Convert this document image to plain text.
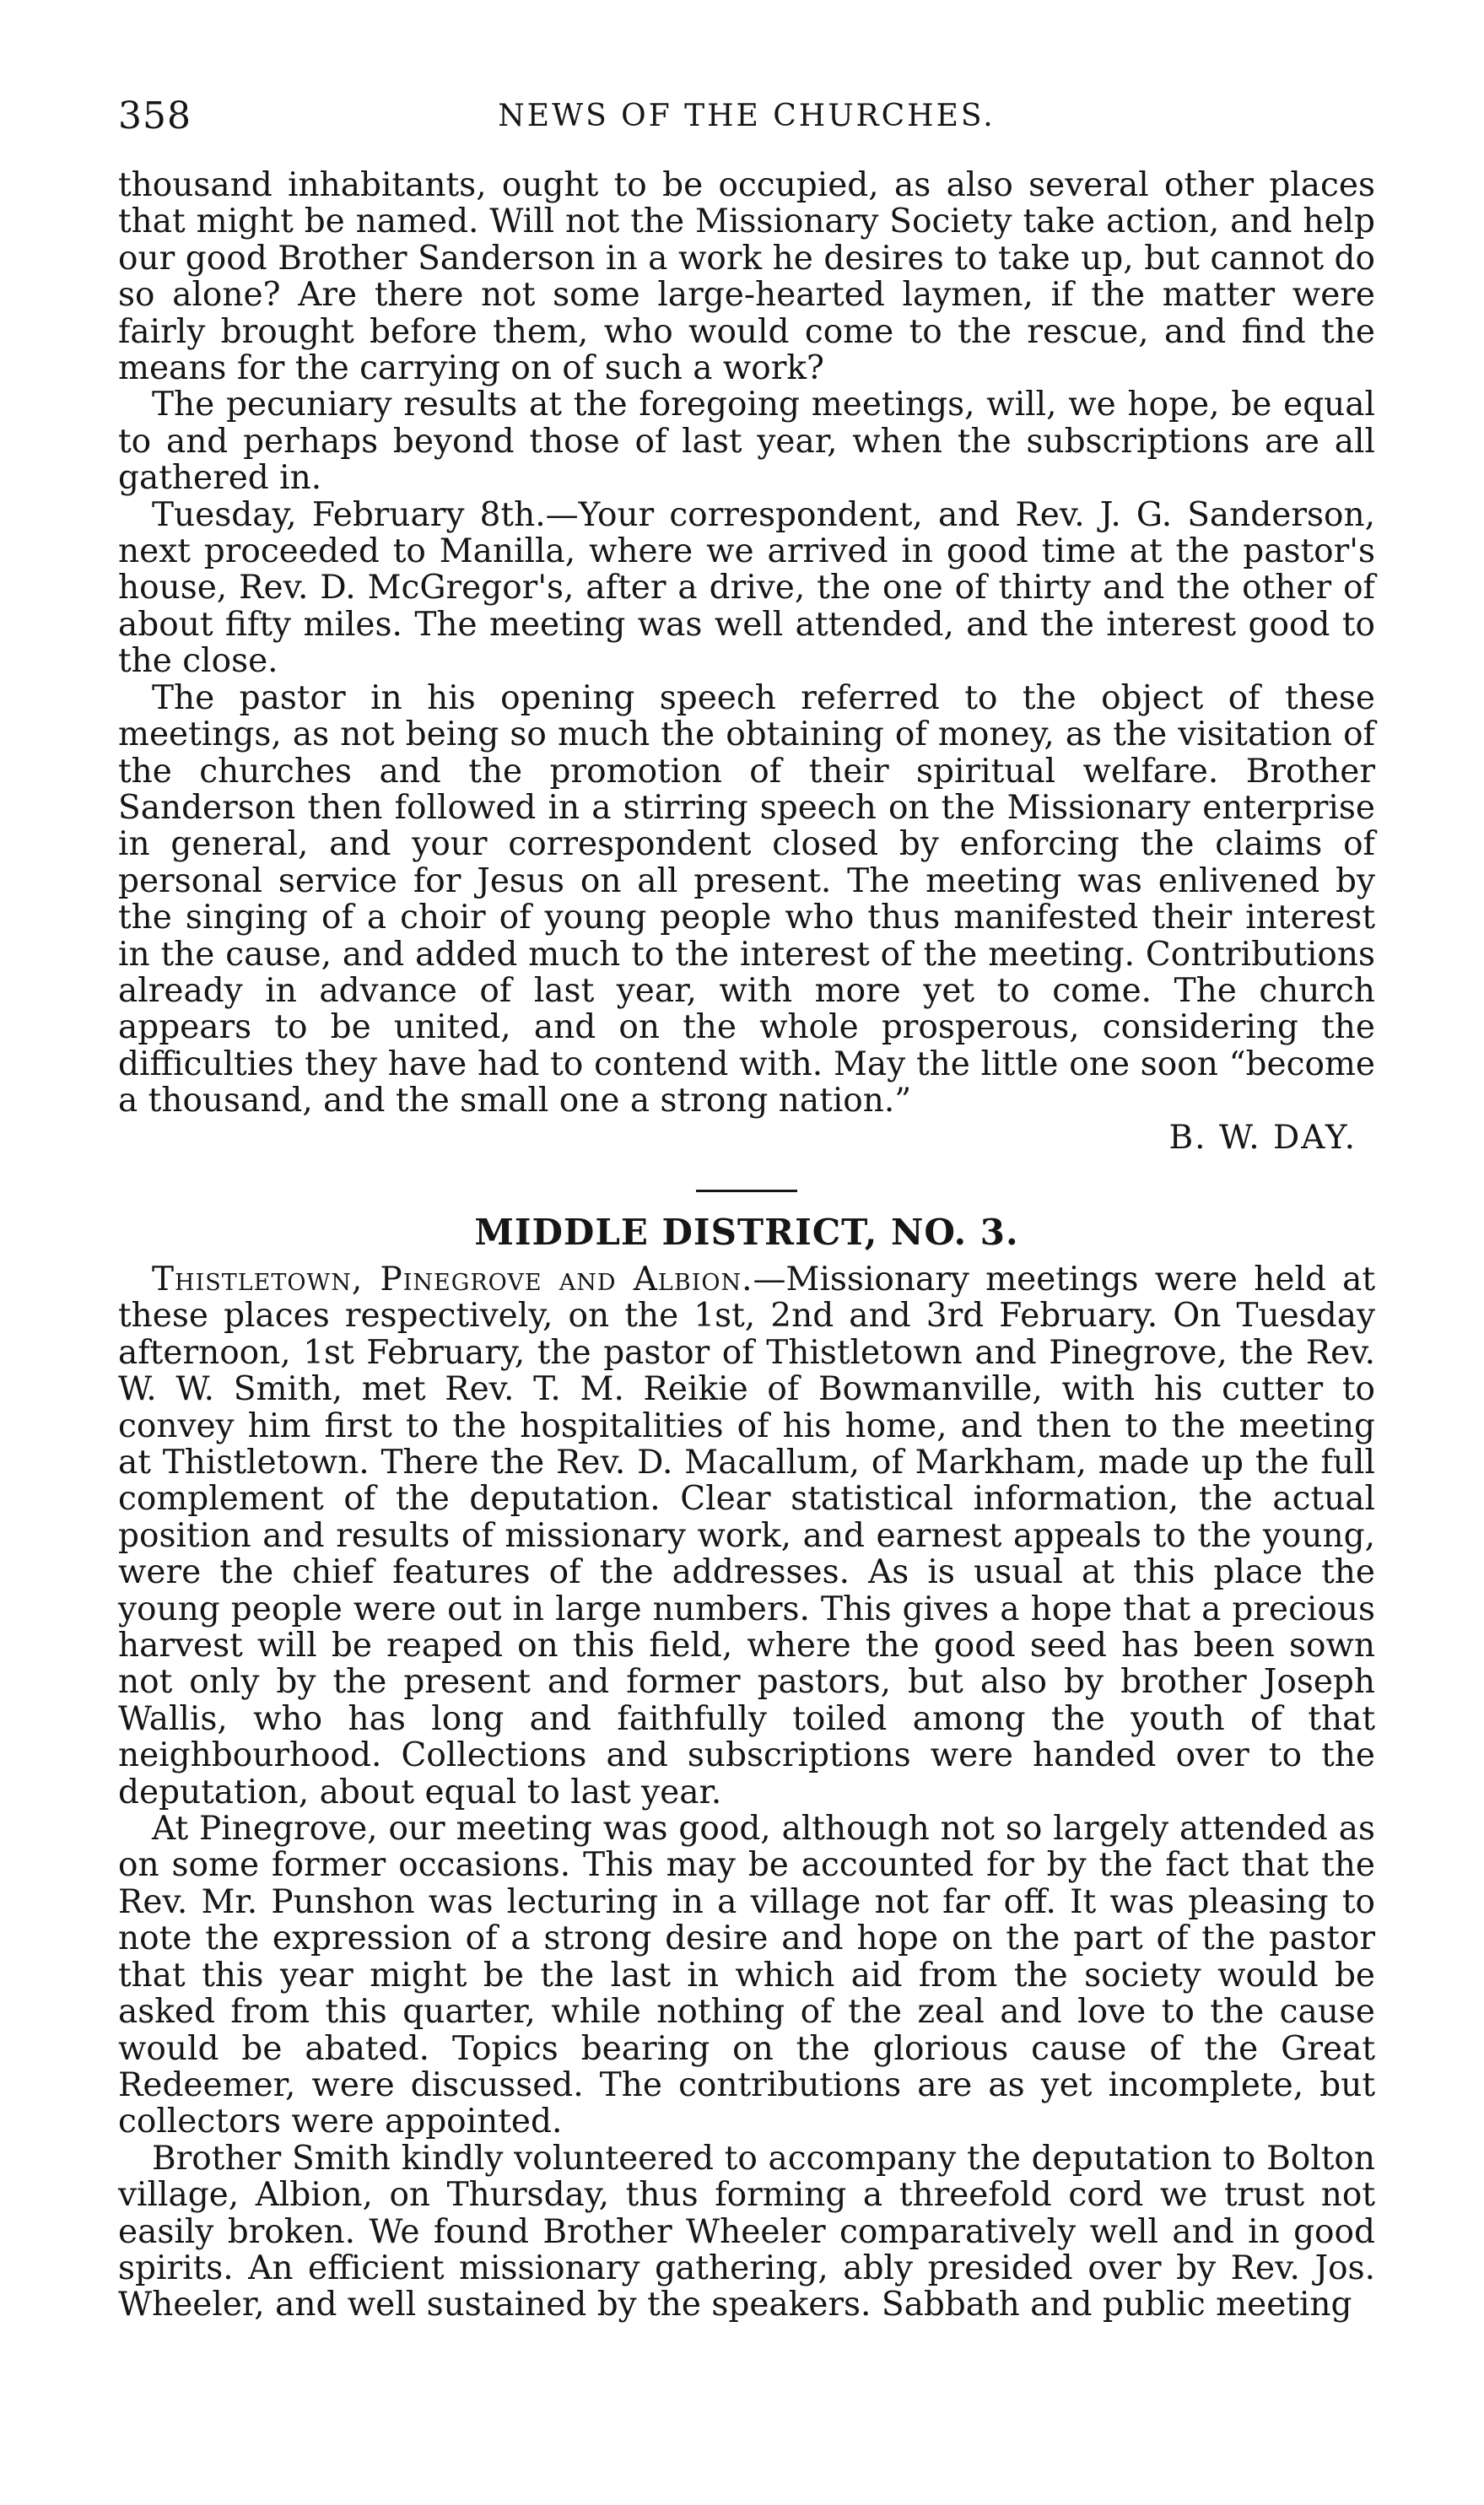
358	NEWS OF THE CHURCHES.

thousand inhabitants, ought to be occupied, as also several other places that might be named. Will not the Missionary Society take action, and help our good Brother Sanderson in a work he desires to take up, but cannot do so alone? Are there not some large-hearted laymen, if the matter were fairly brought before them, who would come to the rescue, and find the means for the carrying on of such a work?

The pecuniary results at the foregoing meetings, will, we hope, be equal to and perhaps beyond those of last year, when the subscriptions are all gathered in.

Tuesday, February 8th.—Your correspondent, and Rev. J. G. Sanderson, next proceeded to Manilla, where we arrived in good time at the pastor's house, Rev. D. McGregor's, after a drive, the one of thirty and the other of about fifty miles. The meeting was well attended, and the interest good to the close.

The pastor in his opening speech referred to the object of these meetings, as not being so much the obtaining of money, as the visitation of the churches and the promotion of their spiritual welfare. Brother Sanderson then followed in a stirring speech on the Missionary enterprise in general, and your correspondent closed by enforcing the claims of personal service for Jesus on all present. The meeting was enlivened by the singing of a choir of young people who thus manifested their interest in the cause, and added much to the interest of the meeting. Contributions already in advance of last year, with more yet to come. The church appears to be united, and on the whole prosperous, considering the difficulties they have had to contend with. May the little one soon “become a thousand, and the small one a strong nation.”

B. W. DAY.

MIDDLE DISTRICT, NO. 3.

Thistletown, Pinegrove and Albion.—Missionary meetings were held at these places respectively, on the 1st, 2nd and 3rd February. On Tuesday afternoon, 1st February, the pastor of Thistletown and Pinegrove, the Rev. W. W. Smith, met Rev. T. M. Reikie of Bowmanville, with his cutter to convey him first to the hospitalities of his home, and then to the meeting at Thistletown. There the Rev. D. Macallum, of Markham, made up the full complement of the deputation. Clear statistical information, the actual position and results of missionary work, and earnest appeals to the young, were the chief features of the addresses. As is usual at this place the young people were out in large numbers. This gives a hope that a precious harvest will be reaped on this field, where the good seed has been sown not only by the present and former pastors, but also by brother Joseph Wallis, who has long and faithfully toiled among the youth of that neighbourhood. Collections and subscriptions were handed over to the deputation, about equal to last year.

At Pinegrove, our meeting was good, although not so largely attended as on some former occasions. This may be accounted for by the fact that the Rev. Mr. Punshon was lecturing in a village not far off. It was pleasing to note the expression of a strong desire and hope on the part of the pastor that this year might be the last in which aid from the society would be asked from this quarter, while nothing of the zeal and love to the cause would be abated. Topics bearing on the glorious cause of the Great Redeemer, were discussed. The contributions are as yet incomplete, but collectors were appointed.

Brother Smith kindly volunteered to accompany the deputation to Bolton village, Albion, on Thursday, thus forming a threefold cord we trust not easily broken. We found Brother Wheeler comparatively well and in good spirits. An efficient missionary gathering, ably presided over by Rev. Jos. Wheeler, and well sustained by the speakers. Sabbath and public meeting
